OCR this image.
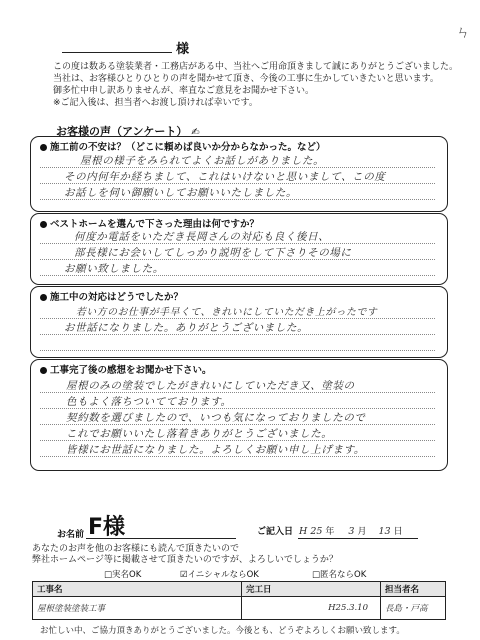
様
ㄣ
この度は数ある塗装業者・工務店がある中、当社へご用命頂きまして誠にありがとうございました。
当社は、お客様ひとりひとりの声を聞かせて頂き、今後の工事に生かしていきたいと思います。
御多忙中申し訳ありませんが、率直なご意見をお聞かせ下さい。
※ご記入後は、担当者へお渡し頂ければ幸いです。
お客様の声（アンケート） ✍
施工前の不安は？（どこに頼めば良いか分からなかった。など）
屋根の様子をみられてよくお話しがありました。
その内何年か経ちまして、これはいけないと思いまして、この度
お話しを伺い御願いしてお願いいたしました。
ベストホームを選んで下さった理由は何ですか？
何度か電話をいただき長岡さんの対応も良く後日、
部長様にお会いしてしっかり説明をして下さりその場に
お願い致しました。
施工中の対応はどうでしたか？
若い方のお仕事が手早くて、きれいにしていただき上がったです
お世話になりました。ありがとうございました。
工事完了後の感想をお聞かせ下さい。
屋根のみの塗装でしたがきれいにしていただき又、塗装の
色もよく落ちついてております。
契約数を選びましたので、いつも気になっておりましたので
これでお願いいたし落着きありがとうございました。
皆様にお世話になりました。よろしくお願い申し上げます。
お名前 F様	ご記入日 H 25 年 3 月 13 日
あなたのお声を他のお客様にも読んで頂きたいので
弊社ホームページ等に掲載させて頂きたいのですが、よろしいでしょうか？
□実名OK	☑イニシャルならOK	□匿名ならOK
工事名	完工日	担当者名
屋根塗装塗装工事	H25.3.10	長島・戸高
お忙しい中、ご協力頂きありがとうございました。今後とも、どうぞよろしくお願い致します。
